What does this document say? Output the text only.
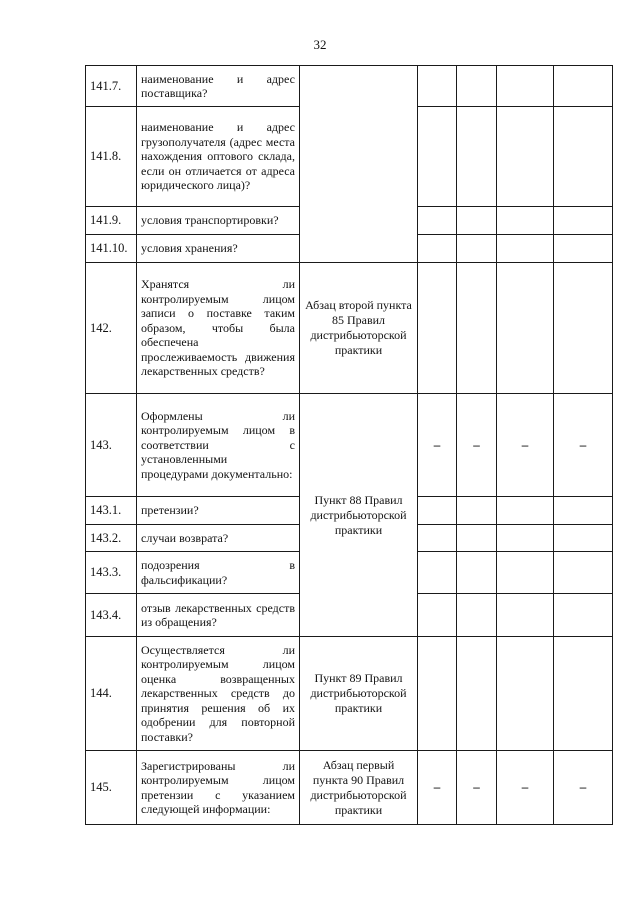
32
141.7.	наименование и адрес поставщика?					
141.8.	наименование и адрес грузополучателя (адрес места нахождения оптового склада, если он отличается от адреса юридического лица)?					
141.9.	условия транспортировки?					
141.10.	условия хранения?					
142.	Хранятся ли контролируемым лицом записи о поставке таким образом, чтобы была обеспечена прослеживаемость движения лекарственных средств?	Абзац второй пункта 85 Правил дистрибьюторской практики				
143.	Оформлены ли контролируемым лицом в соответствии с установленными процедурами документально:	Пункт 88 Правил дистрибьюторской практики	–	–	–	–
143.1.	претензии?					
143.2.	случаи возврата?					
143.3.	подозрения в фальсификации?					
143.4.	отзыв лекарственных средств из обращения?					
144.	Осуществляется ли контролируемым лицом оценка возвращенных лекарственных средств до принятия решения об их одобрении для повторной поставки?	Пункт 89 Правил дистрибьюторской практики				
145.	Зарегистрированы ли контролируемым лицом претензии с указанием следующей информации:	Абзац первый пункта 90 Правил дистрибьюторской практики	–	–	–	–
